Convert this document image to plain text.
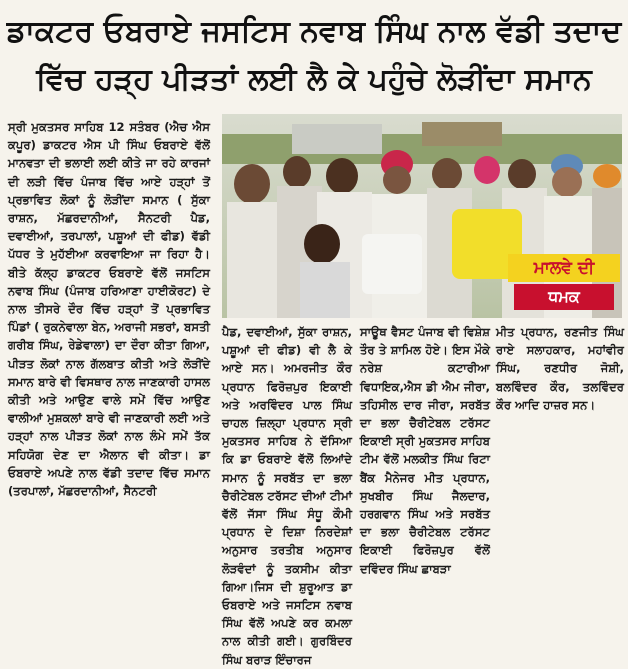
ਡਾਕਟਰ ਓਬਰਾਏ ਜਸਟਿਸ ਨਵਾਬ ਸਿੰਘ ਨਾਲ ਵੱਡੀ ਤਦਾਦ
ਵਿੱਚ ਹੜ੍ਹ ਪੀੜਤਾਂ ਲਈ ਲੈ ਕੇ ਪਹੁੰਚੇ ਲੋੜੀਂਦਾ ਸਮਾਨ

ਸ੍ਰੀ ਮੁਕਤਸਰ ਸਾਹਿਬ 12 ਸਤੰਬਰ (ਐਚ ਐਸ ਕਪੂਰ) ਡਾਕਟਰ ਐਸ ਪੀ ਸਿੰਘ ਓਬਰਾਏ ਵੱਲੋਂ ਮਾਨਵਤਾ ਦੀ ਭਲਾਈ ਲਈ ਕੀਤੇ ਜਾ ਰਹੇ ਕਾਰਜਾਂ ਦੀ ਲੜੀ ਵਿੱਚ ਪੰਜਾਬ ਵਿੱਚ ਆਏ ਹੜ੍ਹਾਂ ਤੋਂ ਪ੍ਰਭਾਵਿਤ ਲੋਕਾਂ ਨੂੰ ਲੋੜੀਂਦਾ ਸਮਾਨ ( ਸੁੱਕਾ ਰਾਸ਼ਨ, ਮੱਛਰਦਾਨੀਆਂ, ਸੈਨਟਰੀ ਪੈਡ, ਦਵਾਈਆਂ, ਤਰਪਾਲਾਂ, ਪਸ਼ੂਆਂ ਦੀ ਫੀਡ) ਵੱਡੀ ਪੱਧਰ ਤੇ ਮੁਹੱਈਆ ਕਰਵਾਇਆ ਜਾ ਰਿਹਾ ਹੈ। ਬੀਤੇ ਕੱਲ੍ਹ ਡਾਕਟਰ ਓਬਰਾਏ ਵੱਲੋਂ ਜਸਟਿਸ ਨਵਾਬ ਸਿੰਘ (ਪੰਜਾਬ ਹਰਿਆਣਾ ਹਾਈਕੋਰਟ) ਦੇ ਨਾਲ ਤੀਸਰੇ ਦੌਰ ਵਿੱਚ ਹੜ੍ਹਾਂ ਤੋਂ ਪ੍ਰਭਾਵਿਤ ਪਿੰਡਾਂ ( ਰੁਕਨੇਵਾਲਾ ਬੇਨ, ਅਰਾਜੀ ਸਭਰਾਂ, ਬਸਤੀ ਗਰੀਬ ਸਿੰਘ, ਰੇਡੇਵਾਲਾ) ਦਾ ਦੌਰਾ ਕੀਤਾ ਗਿਆ, ਪੀੜਤ ਲੋਕਾਂ ਨਾਲ ਗੱਲਬਾਤ ਕੀਤੀ ਅਤੇ ਲੋੜੀਂਦੇ ਸਮਾਨ ਬਾਰੇ ਵੀ ਵਿਸਥਾਰ ਨਾਲ ਜਾਣਕਾਰੀ ਹਾਸਲ ਕੀਤੀ ਅਤੇ ਆਉਣ ਵਾਲੇ ਸਮੇਂ ਵਿੱਚ ਆਉਣ ਵਾਲੀਆਂ ਮੁਸ਼ਕਲਾਂ ਬਾਰੇ ਵੀ ਜਾਣਕਾਰੀ ਲਈ ਅਤੇ ਹੜ੍ਹਾਂ ਨਾਲ ਪੀੜਤ ਲੋਕਾਂ ਨਾਲ ਲੰਮੇ ਸਮੇਂ ਤੱਕ ਸਹਿਯੋਗ ਦੇਣ ਦਾ ਐਲਾਨ ਵੀ ਕੀਤਾ। ਡਾ ਓਬਰਾਏ ਅਪਣੇ ਨਾਲ ਵੱਡੀ ਤਦਾਦ ਵਿੱਚ ਸਮਾਨ (ਤਰਪਾਲਾਂ, ਮੱਛਰਦਾਨੀਆਂ, ਸੈਨਟਰੀ

ਮਾਲਵੇ ਦੀ
ਧਮਕ

ਪੈਡ, ਦਵਾਈਆਂ, ਸੁੱਕਾ ਰਾਸ਼ਨ, ਪਸ਼ੂਆਂ ਦੀ ਫੀਡ) ਵੀ ਲੈ ਕੇ ਆਏ ਸਨ। ਅਮਰਜੀਤ ਕੌਰ ਪ੍ਰਧਾਨ ਫਿਰੋਜ਼ਪੁਰ ਇਕਾਈ ਅਤੇ ਅਰਵਿੰਦਰ ਪਾਲ ਸਿੰਘ ਚਾਹਲ ਜ਼ਿਲ੍ਹਾ ਪ੍ਰਧਾਨ ਸ੍ਰੀ ਮੁਕਤਸਰ ਸਾਹਿਬ ਨੇ ਦੱਸਿਆ ਕਿ ਡਾ ਓਬਰਾਏ ਵੱਲੋਂ ਲਿਆਂਦੇ ਸਮਾਨ ਨੂੰ ਸਰਬੱਤ ਦਾ ਭਲਾ ਚੈਰੀਟੇਬਲ ਟਰੱਸਟ ਦੀਆਂ ਟੀਮਾਂ ਵੱਲੋਂ ਜੱਸਾ ਸਿੰਘ ਸੰਧੂ ਕੌਮੀ ਪ੍ਰਧਾਨ ਦੇ ਦਿਸ਼ਾ ਨਿਰਦੇਸ਼ਾਂ ਅਨੁਸਾਰ ਤਰਤੀਬ ਅਨੁਸਾਰ ਲੋੜਵੰਦਾਂ ਨੂੰ ਤਕਸੀਮ ਕੀਤਾ ਗਿਆ।ਜਿਸ ਦੀ ਸ਼ੁਰੂਆਤ ਡਾ ਓਬਰਾਏ ਅਤੇ ਜਸਟਿਸ ਨਵਾਬ ਸਿੰਘ ਵੱਲੋਂ ਅਪਣੇ ਕਰ ਕਮਲਾ ਨਾਲ ਕੀਤੀ ਗਈ। ਗੁਰਬਿੰਦਰ ਸਿੰਘ ਬਰਾੜ ਇੰਚਾਰਜ

ਸਾਊਥ ਵੈਸਟ ਪੰਜਾਬ ਵੀ ਵਿਸ਼ੇਸ਼ ਤੌਰ ਤੇ ਸ਼ਾਮਿਲ ਹੋਏ। ਇਸ ਮੌਕੇ ਨਰੇਸ਼ ਕਟਾਰੀਆ ਵਿਧਾਇਕ,ਐਸ ਡੀ ਐਮ ਜੀਰਾ, ਤਹਿਸੀਲ ਦਾਰ ਜੀਰਾ, ਸਰਬੱਤ ਦਾ ਭਲਾ ਚੈਰੀਟੇਬਲ ਟਰੱਸਟ ਇਕਾਈ ਸ੍ਰੀ ਮੁਕਤਸਰ ਸਾਹਿਬ ਟੀਮ ਵੱਲੋਂ ਮਲਕੀਤ ਸਿੰਘ ਰਿਟਾ ਬੈਂਕ ਮੈਨੇਜਰ ਮੀਤ ਪ੍ਰਧਾਨ, ਸੁਖਬੀਰ ਸਿੰਘ ਜੈਲਦਾਰ, ਹਰਗਵਾਨ ਸਿੰਘ ਅਤੇ ਸਰਬੱਤ ਦਾ ਭਲਾ ਚੈਰੀਟੇਬਲ ਟਰੱਸਟ ਇਕਾਈ ਫਿਰੋਜ਼ਪੁਰ ਵੱਲੋਂ ਦਵਿੰਦਰ ਸਿੰਘ ਛਾਬੜਾ

ਮੀਤ ਪ੍ਰਧਾਨ, ਰਣਜੀਤ ਸਿੰਘ ਰਾਏ ਸਲਾਹਕਾਰ, ਮਹਾਂਵੀਰ ਸਿੰਘ, ਰਣਧੀਰ ਜੋਸ਼ੀ, ਬਲਵਿੰਦਰ ਕੌਰ, ਤਲਵਿੰਦਰ ਕੌਰ ਆਦਿ ਹਾਜ਼ਰ ਸਨ।
